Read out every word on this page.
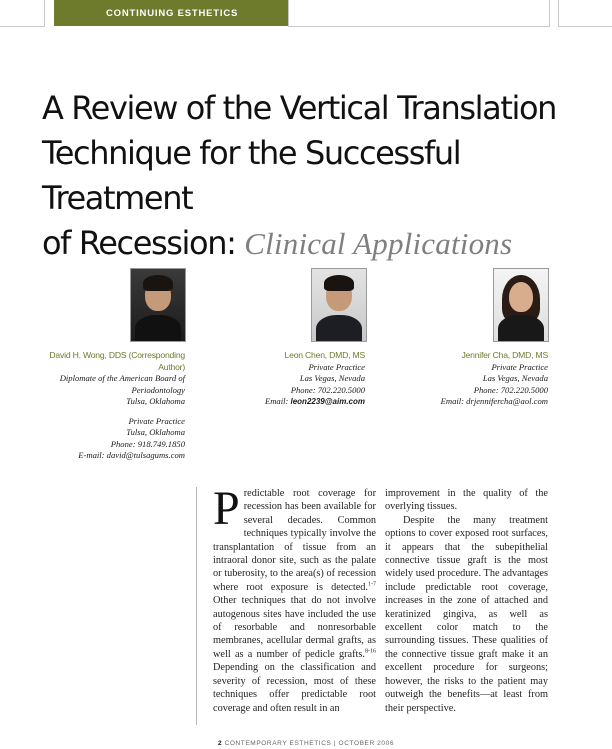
CONTINUING ESTHETICS
A Review of the Vertical Translation
Technique for the Successful Treatment
of Recession: Clinical Applications
David H. Wong, DDS (Corresponding
Author)
Diplomate of the American Board of
Periodontology
Tulsa, Oklahoma
Private Practice
Tulsa, Oklahoma
Phone: 918.749.1850
E-mail: david@tulsagums.com
Leon Chen, DMD, MS
Private Practice
Las Vegas, Nevada
Phone: 702.220.5000
Email: leon2239@aim.com
Jennifer Cha, DMD, MS
Private Practice
Las Vegas, Nevada
Phone: 702.220.5000
Email: drjennifercha@aol.com

Predictable root coverage for recession has been available for several decades. Common techniques typically involve the transplantation of tissue from an intraoral donor site, such as the palate or tuberosity, to the area(s) of recession where root exposure is detected.$^{1-7}$ Other techniques that do not involve autogenous sites have included the use of resorbable and nonresorbable membranes, acellular dermal grafts, as well as a number of pedicle grafts.$^{8-16}$ Depending on the classification and severity of recession, most of these techniques offer predictable root coverage and often result in an

improvement in the quality of the overlying tissues.

Despite the many treatment options to cover exposed root surfaces, it appears that the subepithelial connective tissue graft is the most widely used procedure. The advantages include predictable root coverage, increases in the zone of attached and keratinized gingiva, as well as excellent color match to the surrounding tissues. These qualities of the connective tissue graft make it an excellent procedure for surgeons; however, the risks to the patient may outweigh the benefits—at least from their perspective.

2 CONTEMPORARY ESTHETICS | OCTOBER 2006
